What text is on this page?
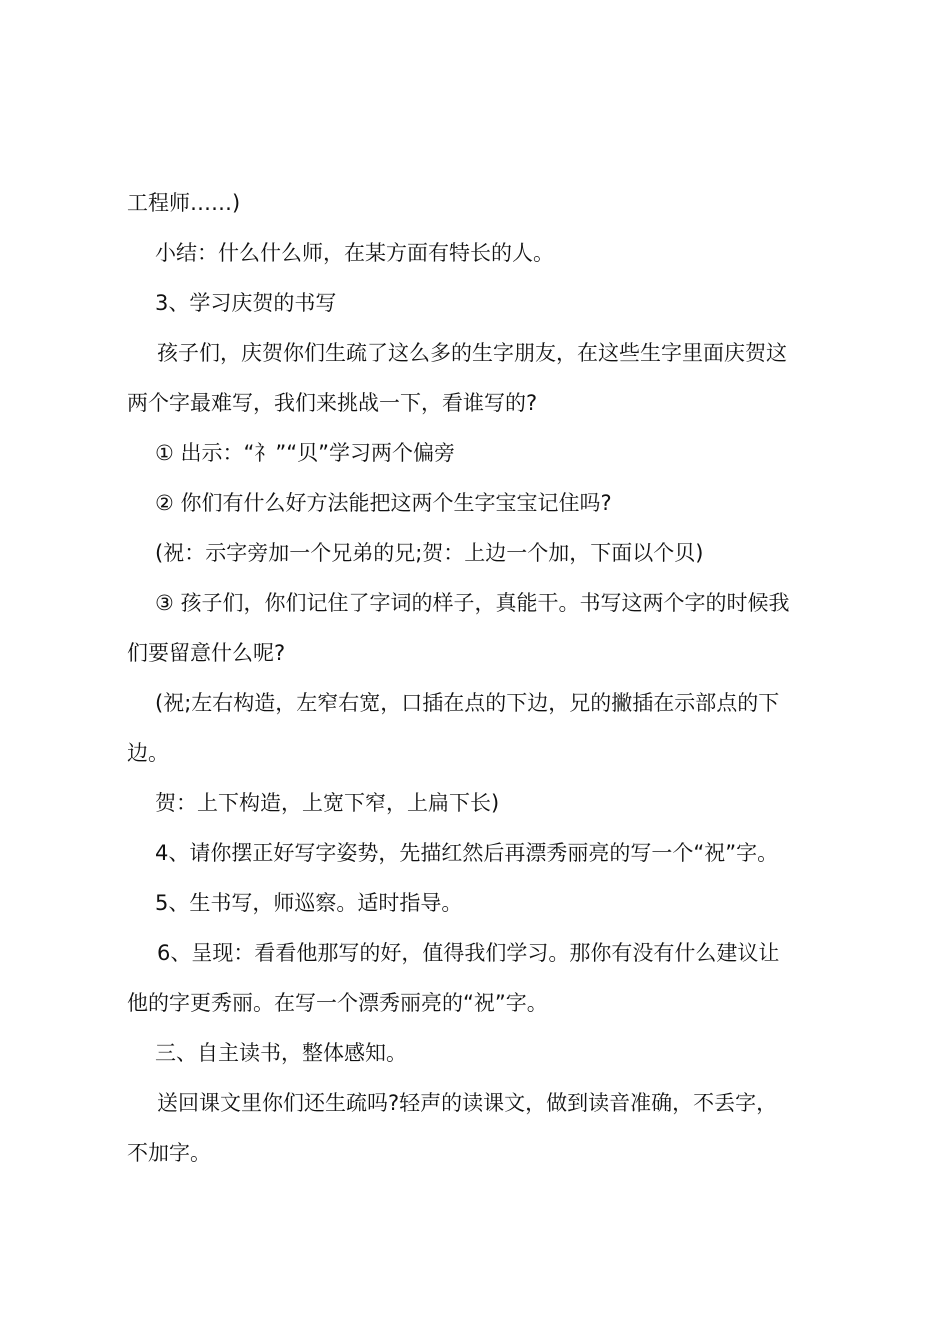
工程师……)
小结：什么什么师，在某方面有特长的人。
3、学习庆贺的书写
孩子们，庆贺你们生疏了这么多的生字朋友，在这些生字里面庆贺这
两个字最难写，我们来挑战一下，看谁写的?
① 出示：“礻”“贝”学习两个偏旁
② 你们有什么好方法能把这两个生字宝宝记住吗?
(祝：示字旁加一个兄弟的兄;贺：上边一个加，下面以个贝)
③ 孩子们，你们记住了字词的样子，真能干。书写这两个字的时候我
们要留意什么呢?
(祝;左右构造，左窄右宽，口插在点的下边，兄的撇插在示部点的下
边。
贺：上下构造，上宽下窄，上扁下长)
4、请你摆正好写字姿势，先描红然后再漂秀丽亮的写一个“祝”字。
5、生书写，师巡察。适时指导。
6、呈现：看看他那写的好，值得我们学习。那你有没有什么建议让
他的字更秀丽。在写一个漂秀丽亮的“祝”字。
三、自主读书，整体感知。
送回课文里你们还生疏吗?轻声的读课文，做到读音准确，不丢字，
不加字。
